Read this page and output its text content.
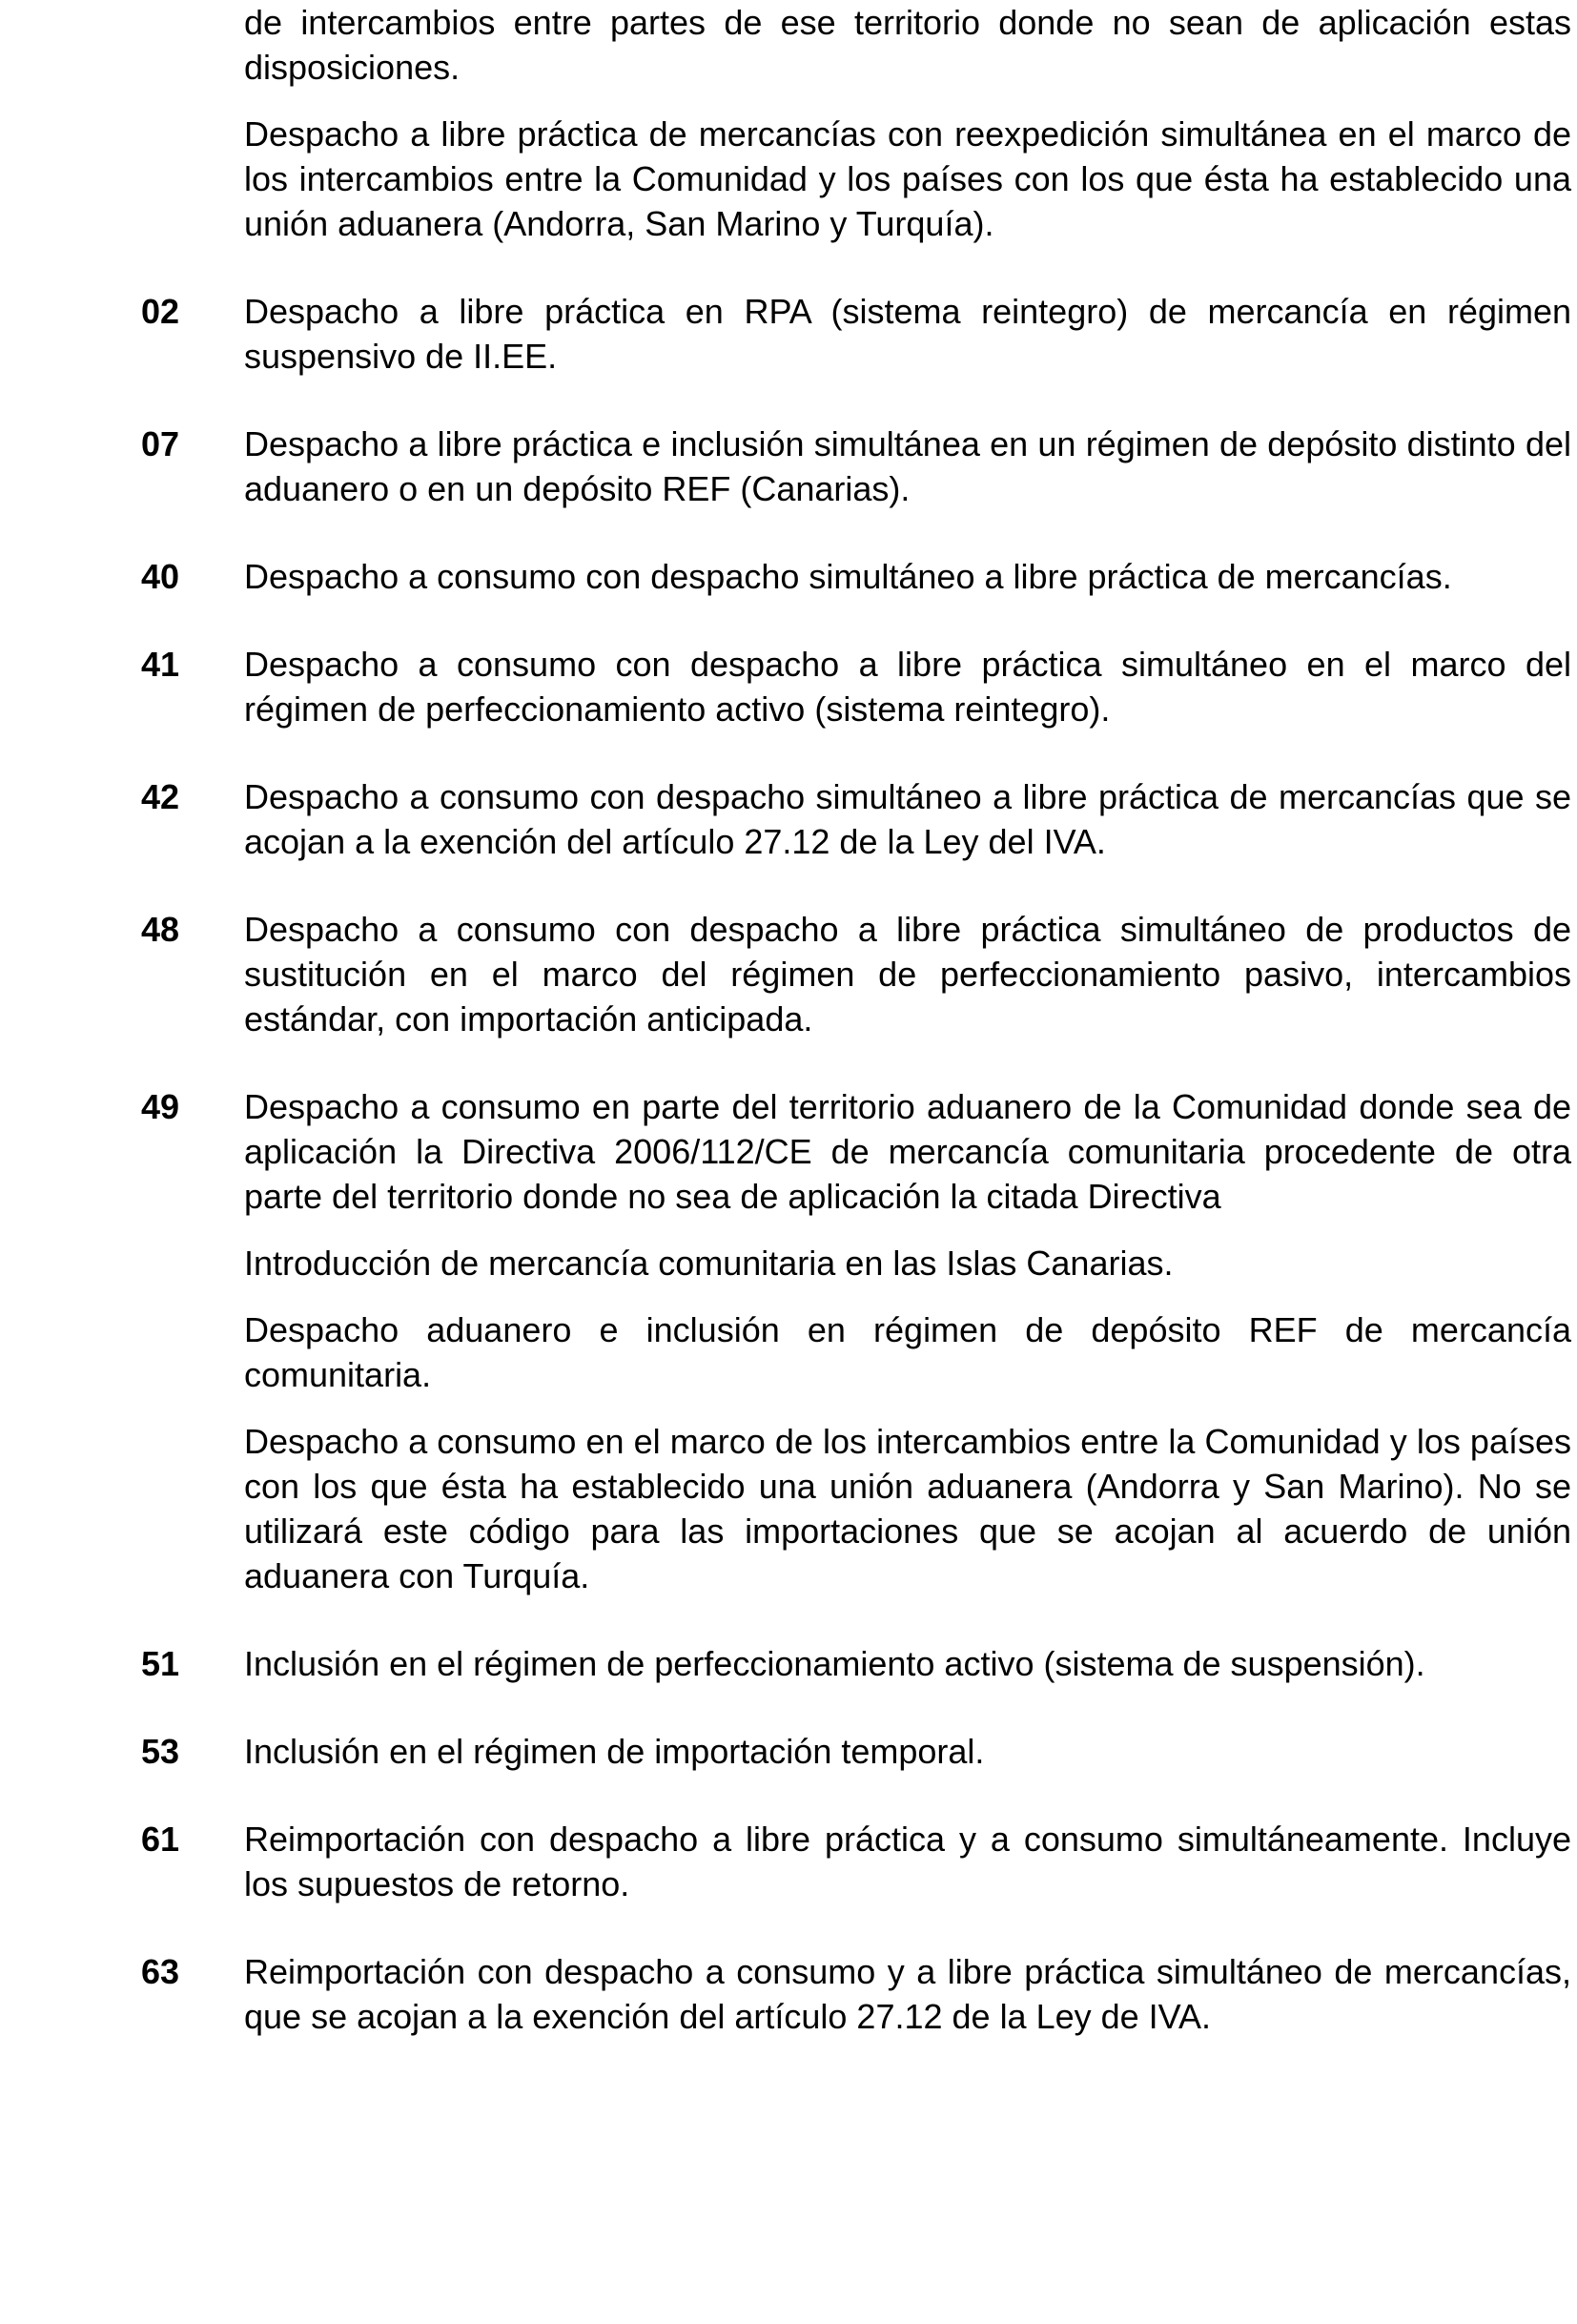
de intercambios entre partes de ese territorio donde no sean de aplicación estas disposiciones.

Despacho a libre práctica de mercancías con reexpedición simultánea en el marco de los intercambios entre la Comunidad y los países con los que ésta ha establecido una unión aduanera (Andorra, San Marino y Turquía).

02	Despacho a libre práctica en RPA (sistema reintegro) de mercancía en régimen suspensivo de II.EE.

07	Despacho a libre práctica e inclusión simultánea en un régimen de depósito distinto del aduanero o en un depósito REF (Canarias).

40	Despacho a consumo con despacho simultáneo a libre práctica de mercancías.

41	Despacho a consumo con despacho a libre práctica simultáneo en el marco del régimen de perfeccionamiento activo (sistema reintegro).

42	Despacho a consumo con despacho simultáneo a libre práctica de mercancías que se acojan a la exención del artículo 27.12 de la Ley del IVA.

48	Despacho a consumo con despacho a libre práctica simultáneo de productos de sustitución en el marco del régimen de perfeccionamiento pasivo, intercambios estándar, con importación anticipada.

49	Despacho a consumo en parte del territorio aduanero de la Comunidad donde sea de aplicación la Directiva 2006/112/CE de mercancía comunitaria procedente de otra parte del territorio donde no sea de aplicación la citada Directiva

Introducción de mercancía comunitaria en las Islas Canarias.

Despacho aduanero e inclusión en régimen de depósito REF de mercancía comunitaria.

Despacho a consumo en el marco de los intercambios entre la Comunidad y los países con los que ésta ha establecido una unión aduanera (Andorra y San Marino). No se utilizará este código para las importaciones que se acojan al acuerdo de unión aduanera con Turquía.

51	Inclusión en el régimen de perfeccionamiento activo (sistema de suspensión).

53	Inclusión en el régimen de importación temporal.

61	Reimportación con despacho a libre práctica y a consumo simultáneamente. Incluye los supuestos de retorno.

63	Reimportación con despacho a consumo y a libre práctica simultáneo de mercancías, que se acojan a la exención del artículo 27.12 de la Ley de IVA.
